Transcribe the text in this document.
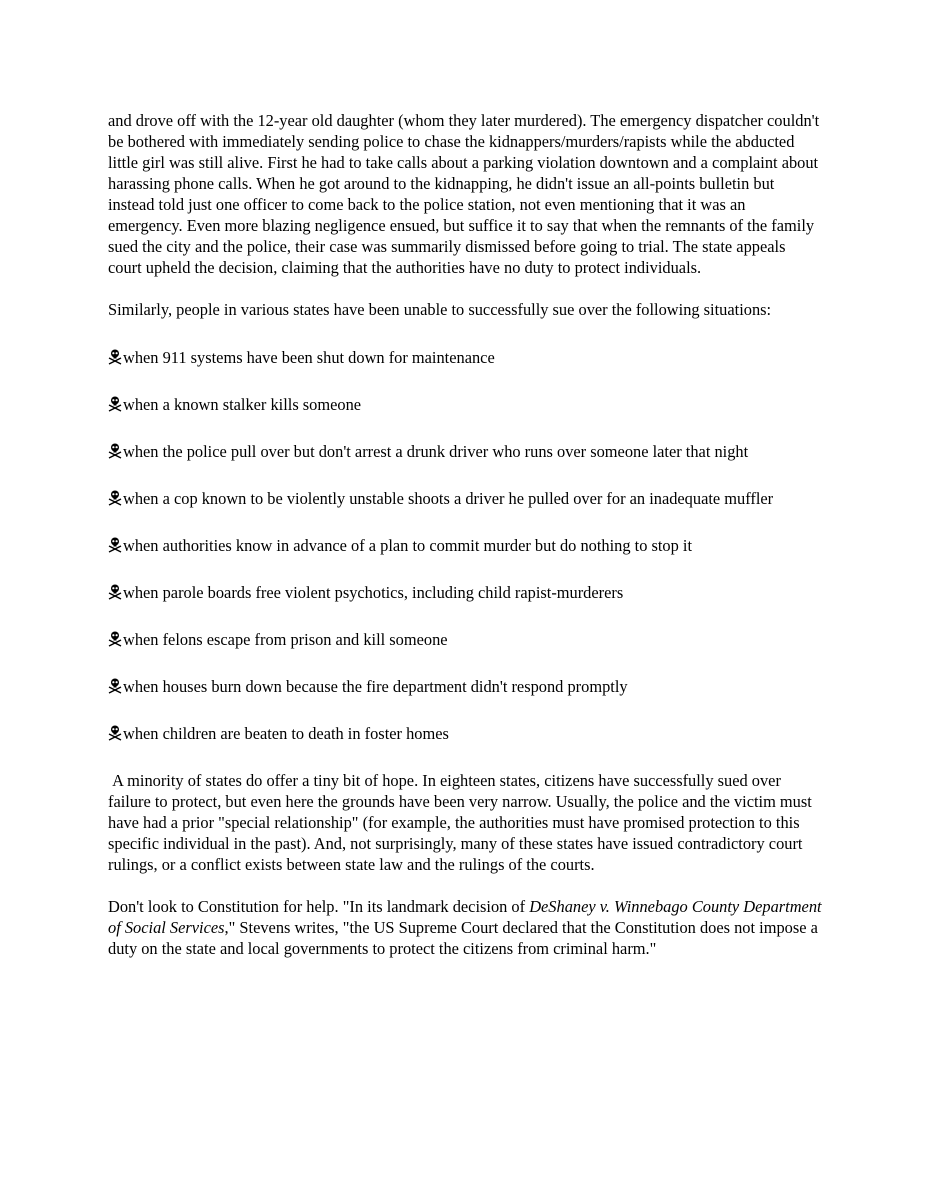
and drove off with the 12-year old daughter (whom they later murdered). The emergency dispatcher couldn't be bothered with immediately sending police to chase the kidnappers/murders/rapists while the abducted little girl was still alive. First he had to take calls about a parking violation downtown and a complaint about harassing phone calls. When he got around to the kidnapping, he didn't issue an all-points bulletin but instead told just one officer to come back to the police station, not even mentioning that it was an emergency. Even more blazing negligence ensued, but suffice it to say that when the remnants of the family sued the city and the police, their case was summarily dismissed before going to trial. The state appeals court upheld the decision, claiming that the authorities have no duty to protect individuals.

Similarly, people in various states have been unable to successfully sue over the following situations:

when 911 systems have been shut down for maintenance
when a known stalker kills someone
when the police pull over but don't arrest a drunk driver who runs over someone later that night
when a cop known to be violently unstable shoots a driver he pulled over for an inadequate muffler
when authorities know in advance of a plan to commit murder but do nothing to stop it
when parole boards free violent psychotics, including child rapist-murderers
when felons escape from prison and kill someone
when houses burn down because the fire department didn't respond promptly
when children are beaten to death in foster homes

A minority of states do offer a tiny bit of hope. In eighteen states, citizens have successfully sued over failure to protect, but even here the grounds have been very narrow. Usually, the police and the victim must have had a prior "special relationship" (for example, the authorities must have promised protection to this specific individual in the past). And, not surprisingly, many of these states have issued contradictory court rulings, or a conflict exists between state law and the rulings of the courts.

Don't look to Constitution for help. "In its landmark decision of DeShaney v. Winnebago County Department of Social Services," Stevens writes, "the US Supreme Court declared that the Constitution does not impose a duty on the state and local governments to protect the citizens from criminal harm."
